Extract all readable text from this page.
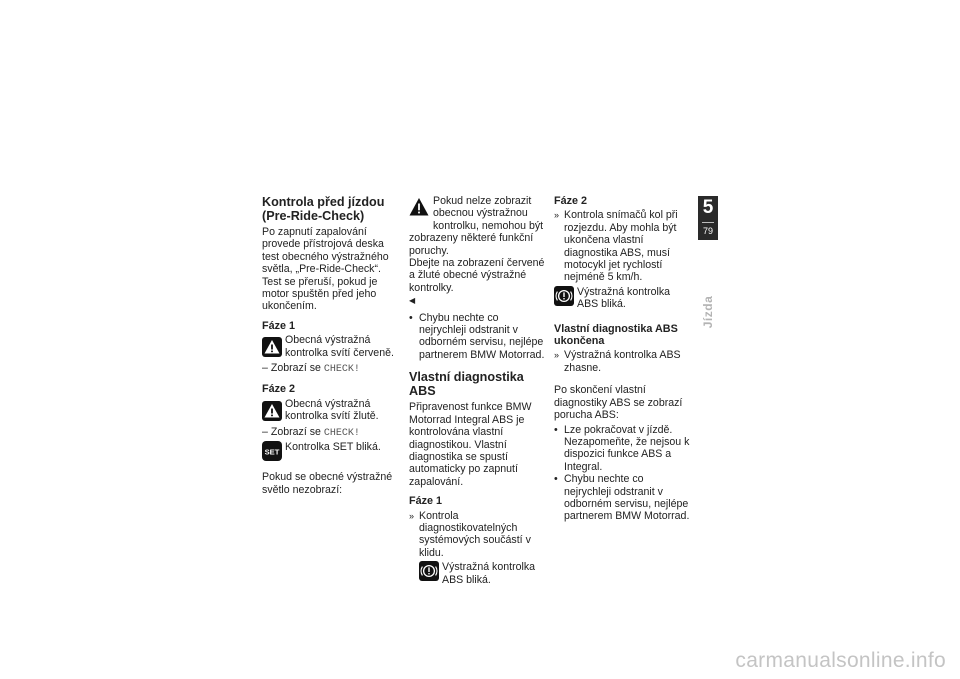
Kontrola před jízdou (Pre-Ride-Check)

Po zapnutí zapalování provede přístrojová deska test obecného výstražného světla, „Pre-Ride-Check“. Test se přeruší, pokud je motor spuštěn před jeho ukončením.

Fáze 1
Obecná výstražná kontrolka svítí červeně.

– Zobrazí se CHECK!

Fáze 2
Obecná výstražná kontrolka svítí žlutě.

– Zobrazí se CHECK!

SET Kontrolka SET bliká.

Pokud se obecné výstražné světlo nezobrazí:

Pokud nelze zobrazit obecnou výstražnou kontrolku, nemohou být zobrazeny některé funkční poruchy.
Dbejte na zobrazení červené a žluté obecné výstražné kontrolky.
◀
• Chybu nechte co nejrychleji odstranit v odborném servisu, nejlépe partnerem BMW Motorrad.
Vlastní diagnostika ABS

Připravenost funkce BMW Motorrad Integral ABS je kontrolována vlastní diagnostikou. Vlastní diagnostika se spustí automaticky po zapnutí zapalování.

Fáze 1
» Kontrola diagnostikovatelných systémových součástí v klidu.
Výstražná kontrolka ABS bliká.
Fáze 2
» Kontrola snímačů kol při rozjezdu. Aby mohla být ukončena vlastní diagnostika ABS, musí motocykl jet rychlostí nejméně 5 km/h.
Výstražná kontrolka ABS bliká.
Vlastní diagnostika ABS ukončena
» Výstražná kontrolka ABS zhasne.

Po skončení vlastní diagnostiky ABS se zobrazí porucha ABS:

• Lze pokračovat v jízdě. Nezapomeňte, že nejsou k dispozici funkce ABS a Integral.
• Chybu nechte co nejrychleji odstranit v odborném servisu, nejlépe partnerem BMW Motorrad.
5
79
Jízda
carmanualsonline.info
